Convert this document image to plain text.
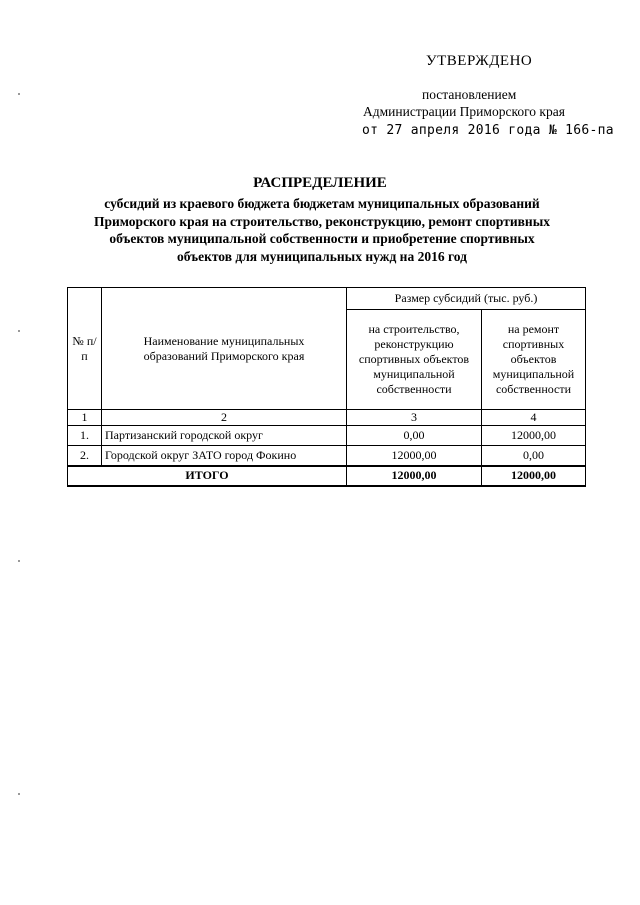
УТВЕРЖДЕНО
постановлением
Администрации Приморского края
от 27 апреля 2016 года № 166-па
РАСПРЕДЕЛЕНИЕ
субсидий из краевого бюджета бюджетам муниципальных образований
Приморского края на строительство, реконструкцию, ремонт спортивных
объектов муниципальной собственности и приобретение спортивных
объектов для муниципальных нужд на 2016 год
№ п/п	Наименование муниципальных образований Приморского края	Размер субсидий (тыс. руб.)	
		на строительство, реконструкцию спортивных объектов муниципальной собственности	на ремонт спортивных объектов муниципальной собственности
1	2	3	4
1.	Партизанский городской округ	0,00	12000,00
2.	Городской округ ЗАТО город Фокино	12000,00	0,00
ИТОГО		12000,00	12000,00
